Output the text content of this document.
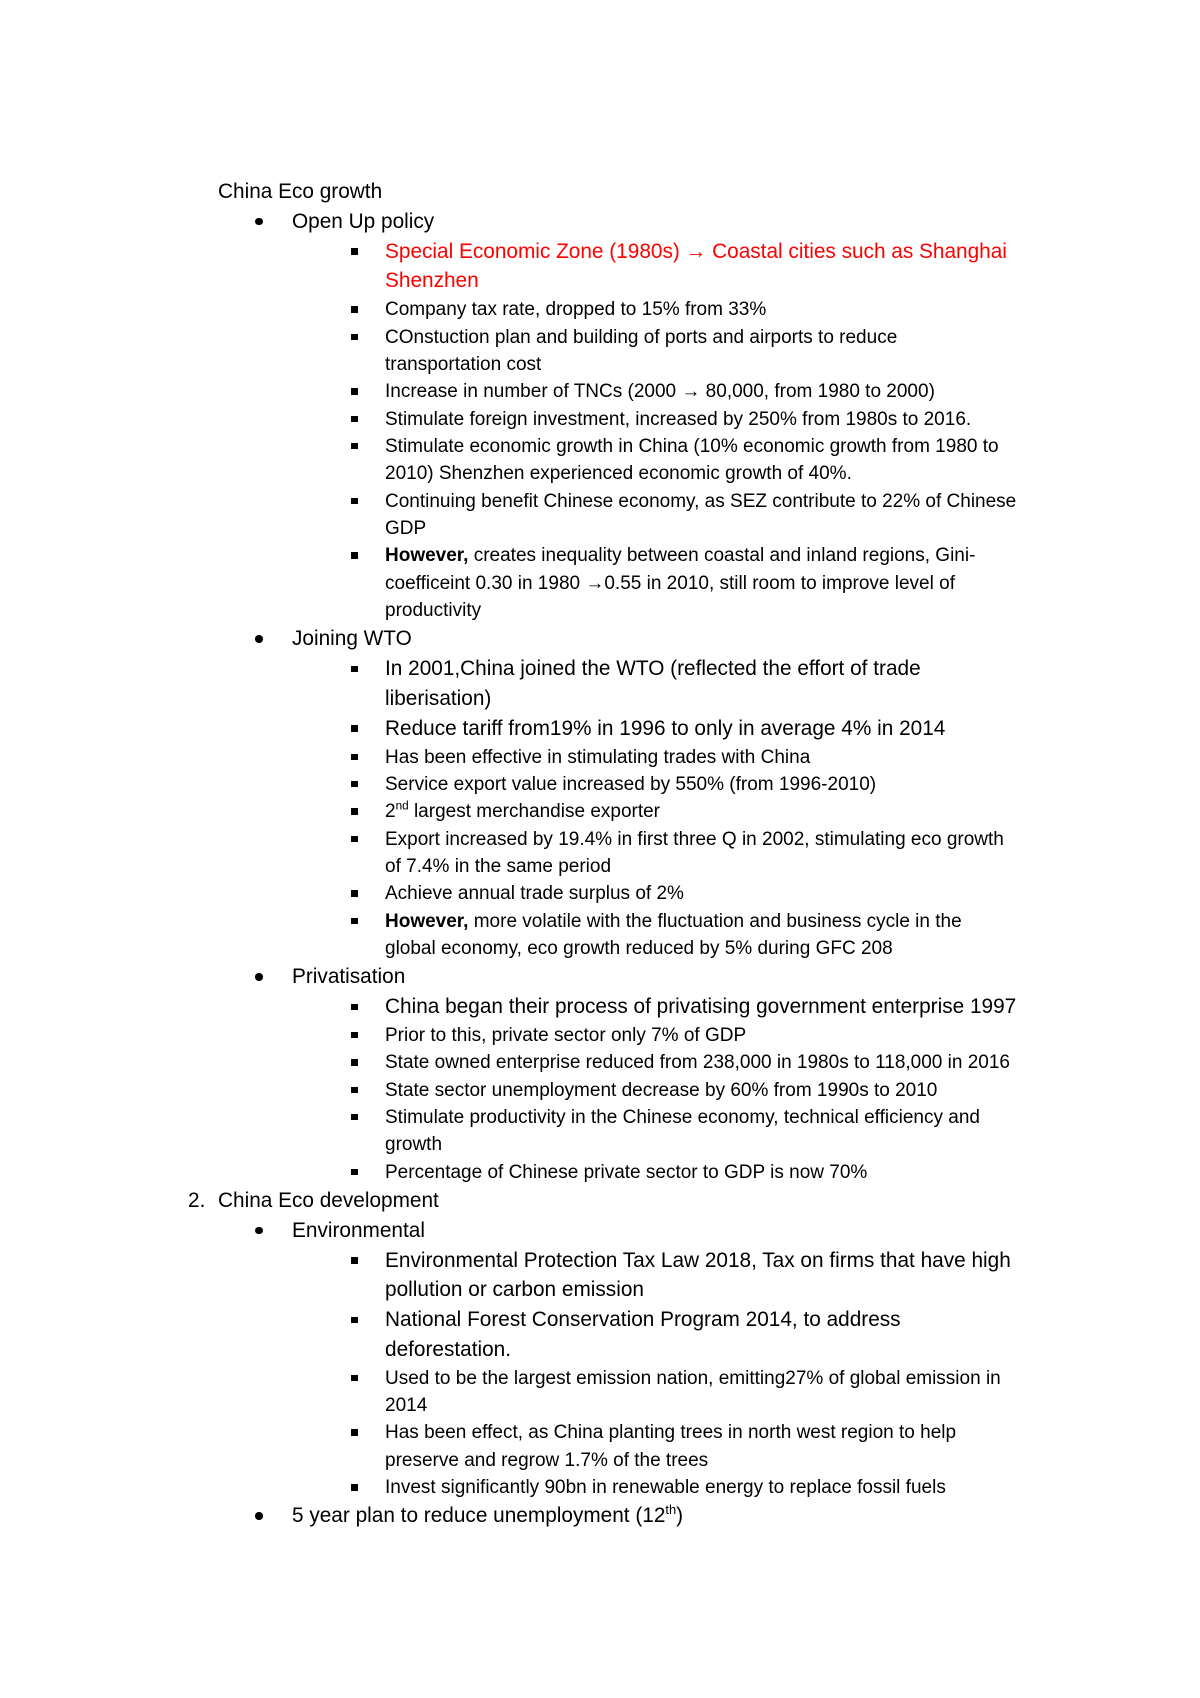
China Eco growth
Open Up policy
Special Economic Zone (1980s) → Coastal cities such as Shanghai
Shenzhen
Company tax rate, dropped to 15% from 33%
COnstuction plan and building of ports and airports to reduce
transportation cost
Increase in number of TNCs (2000 → 80,000, from 1980 to 2000)
Stimulate foreign investment, increased by 250% from 1980s to 2016.
Stimulate economic growth in China (10% economic growth from 1980 to
2010) Shenzhen experienced economic growth of 40%.
Continuing benefit Chinese economy, as SEZ contribute to 22% of Chinese
GDP
However, creates inequality between coastal and inland regions, Gini-
coefficeint 0.30 in 1980 →0.55 in 2010, still room to improve level of
productivity
Joining WTO
In 2001,China joined the WTO (reflected the effort of trade
liberisation)
Reduce tariff from19% in 1996 to only in average 4% in 2014
Has been effective in stimulating trades with China
Service export value increased by 550% (from 1996-2010)
2nd largest merchandise exporter
Export increased by 19.4% in first three Q in 2002, stimulating eco growth
of 7.4% in the same period
Achieve annual trade surplus of 2%
However, more volatile with the fluctuation and business cycle in the
global economy, eco growth reduced by 5% during GFC 208
Privatisation
China began their process of privatising government enterprise 1997
Prior to this, private sector only 7% of GDP
State owned enterprise reduced from 238,000 in 1980s to 118,000 in 2016
State sector unemployment decrease by 60% from 1990s to 2010
Stimulate productivity in the Chinese economy, technical efficiency and
growth
Percentage of Chinese private sector to GDP is now 70%
2. China Eco development
Environmental
Environmental Protection Tax Law 2018, Tax on firms that have high
pollution or carbon emission
National Forest Conservation Program 2014, to address
deforestation.
Used to be the largest emission nation, emitting27% of global emission in
2014
Has been effect, as China planting trees in north west region to help
preserve and regrow 1.7% of the trees
Invest significantly 90bn in renewable energy to replace fossil fuels
5 year plan to reduce unemployment (12th)
